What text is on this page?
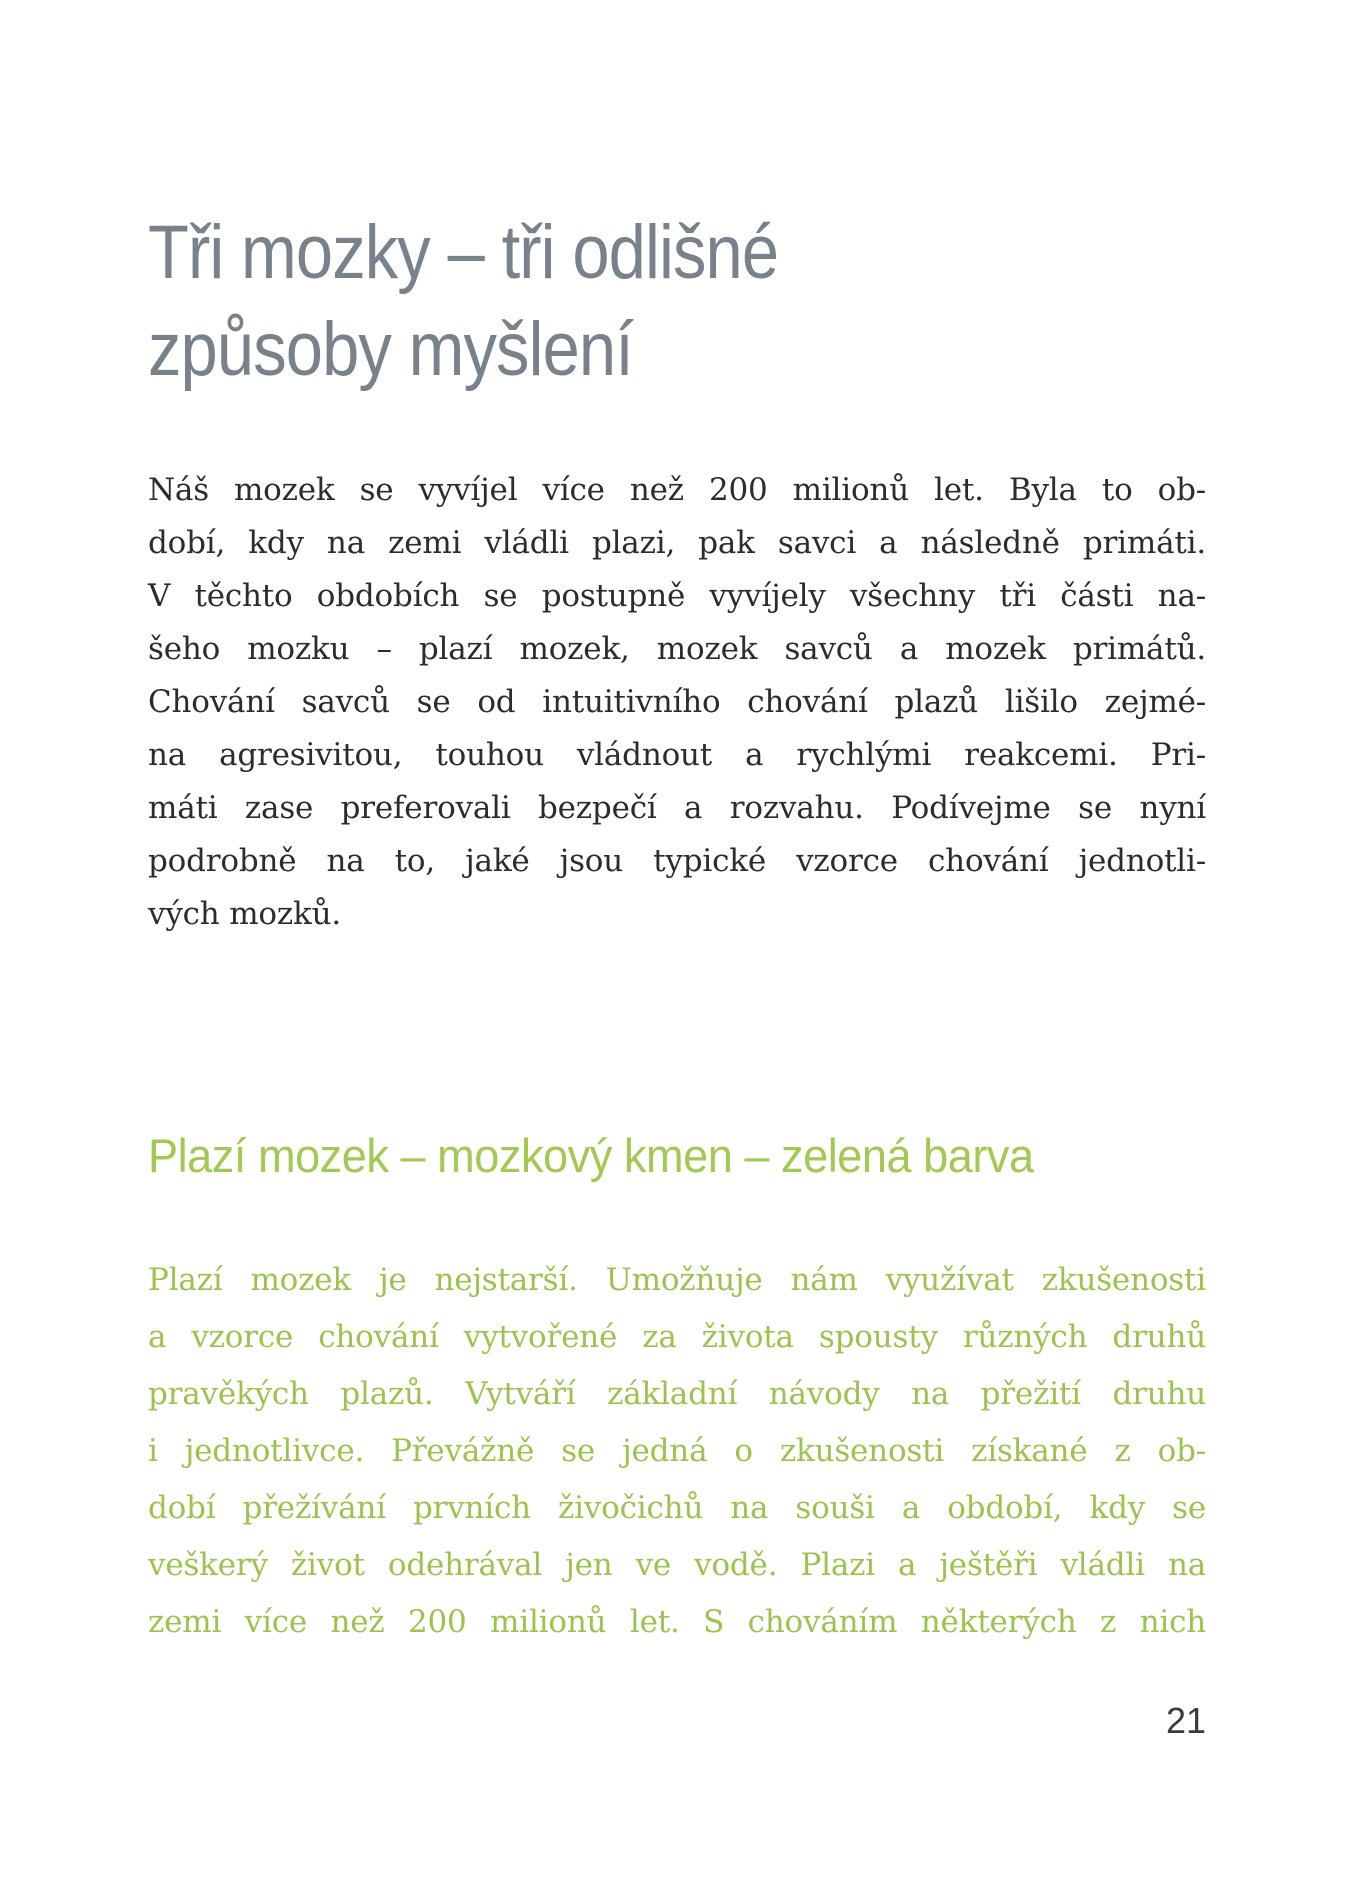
Tři mozky – tři odlišné
způsoby myšlení
Náš mozek se vyvíjel více než 200 milionů let. Byla to ob-
dobí, kdy na zemi vládli plazi, pak savci a následně primáti.
V těchto obdobích se postupně vyvíjely všechny tři části na-
šeho mozku – plazí mozek, mozek savců a mozek primátů.
Chování savců se od intuitivního chování plazů lišilo zejmé-
na agresivitou, touhou vládnout a rychlými reakcemi. Pri-
máti zase preferovali bezpečí a rozvahu. Podívejme se nyní
podrobně na to, jaké jsou typické vzorce chování jednotli-
vých mozků.
Plazí mozek – mozkový kmen – zelená barva
Plazí mozek je nejstarší. Umožňuje nám využívat zkušenosti
a vzorce chování vytvořené za života spousty různých druhů
pravěkých plazů. Vytváří základní návody na přežití druhu
i jednotlivce. Převážně se jedná o zkušenosti získané z ob-
dobí přežívání prvních živočichů na souši a období, kdy se
veškerý život odehrával jen ve vodě. Plazi a ještěři vládli na
zemi více než 200 milionů let. S chováním některých z nich
21
